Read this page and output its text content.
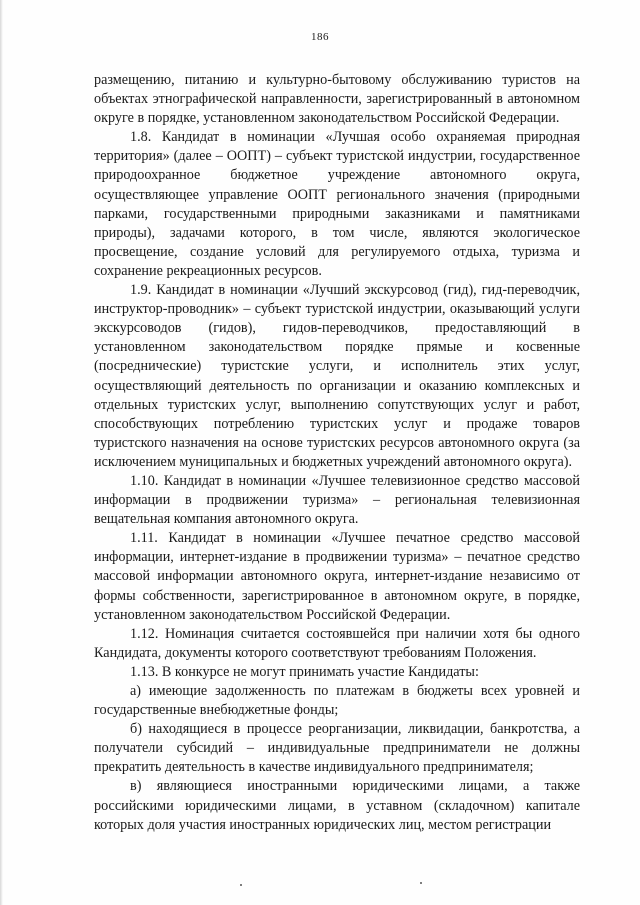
186

размещению, питанию и культурно-бытовому обслуживанию туристов на объектах этнографической направленности, зарегистрированный в автономном округе в порядке, установленном законодательством Российской Федерации.

1.8. Кандидат в номинации «Лучшая особо охраняемая природная территория» (далее – ООПТ) – субъект туристской индустрии, государственное природоохранное бюджетное учреждение автономного округа, осуществляющее управление ООПТ регионального значения (природными парками, государственными природными заказниками и памятниками природы), задачами которого, в том числе, являются экологическое просвещение, создание условий для регулируемого отдыха, туризма и сохранение рекреационных ресурсов.

1.9. Кандидат в номинации «Лучший экскурсовод (гид), гид-переводчик, инструктор-проводник» – субъект туристской индустрии, оказывающий услуги экскурсоводов (гидов), гидов-переводчиков, предоставляющий в установленном законодательством порядке прямые и косвенные (посреднические) туристские услуги, и исполнитель этих услуг, осуществляющий деятельность по организации и оказанию комплексных и отдельных туристских услуг, выполнению сопутствующих услуг и работ, способствующих потреблению туристских услуг и продаже товаров туристского назначения на основе туристских ресурсов автономного округа (за исключением муниципальных и бюджетных учреждений автономного округа).

1.10. Кандидат в номинации «Лучшее телевизионное средство массовой информации в продвижении туризма» – региональная телевизионная вещательная компания автономного округа.

1.11. Кандидат в номинации «Лучшее печатное средство массовой информации, интернет-издание в продвижении туризма» – печатное средство массовой информации автономного округа, интернет-издание независимо от формы собственности, зарегистрированное в автономном округе, в порядке, установленном законодательством Российской Федерации.

1.12. Номинация считается состоявшейся при наличии хотя бы одного Кандидата, документы которого соответствуют требованиям Положения.

1.13. В конкурсе не могут принимать участие Кандидаты:

а) имеющие задолженность по платежам в бюджеты всех уровней и государственные внебюджетные фонды;

б) находящиеся в процессе реорганизации, ликвидации, банкротства, а получатели субсидий – индивидуальные предприниматели не должны прекратить деятельность в качестве индивидуального предпринимателя;

в) являющиеся иностранными юридическими лицами, а также российскими юридическими лицами, в уставном (складочном) капитале которых доля участия иностранных юридических лиц, местом регистрации
